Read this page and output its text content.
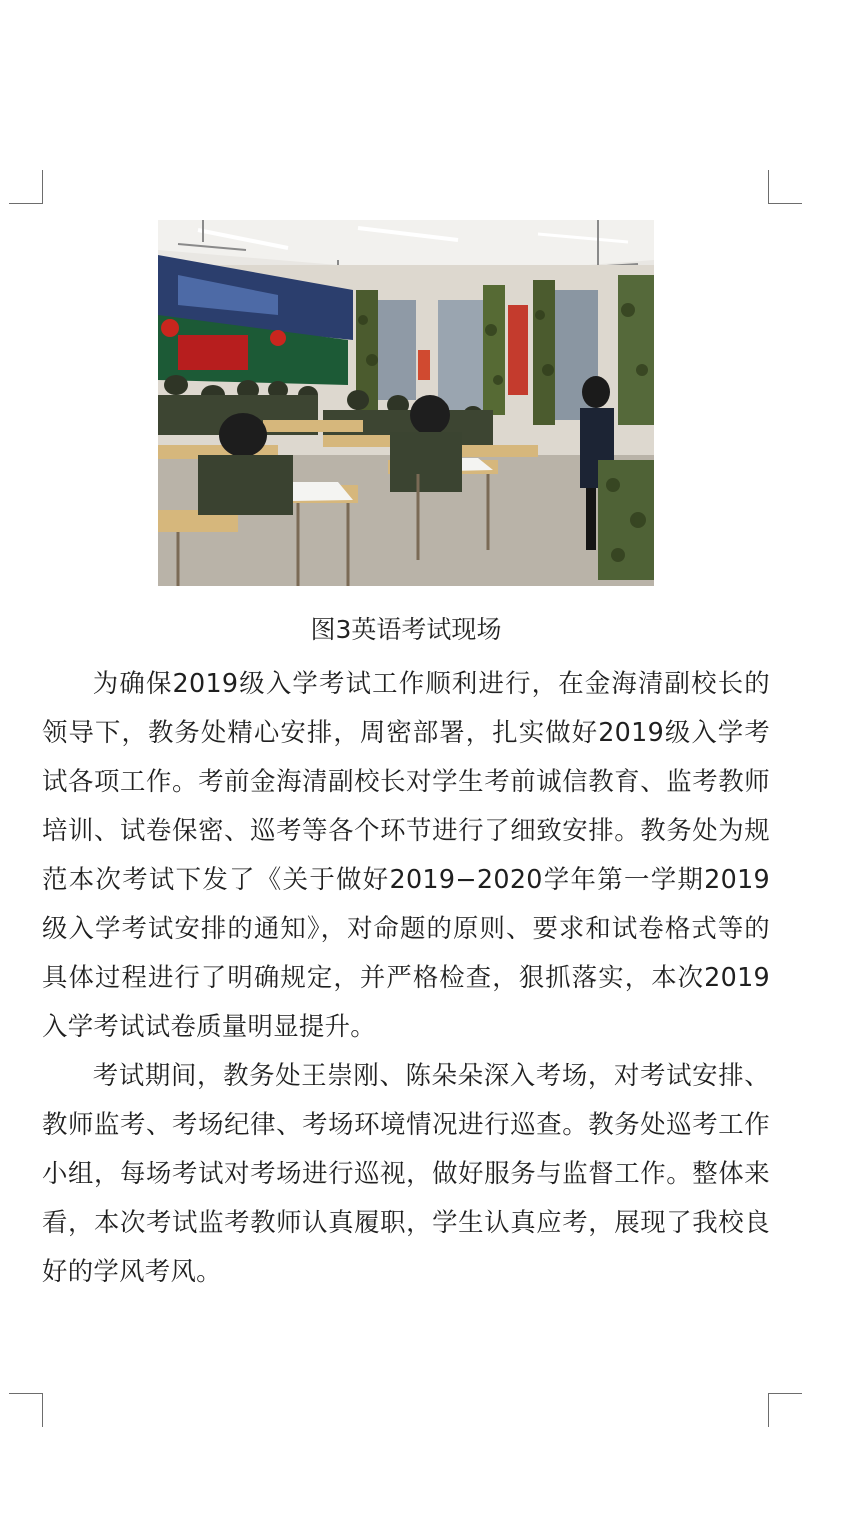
图3英语考试现场

为确保2019级入学考试工作顺利进行，在金海清副校长的领导下，教务处精心安排，周密部署，扎实做好2019级入学考试各项工作。考前金海清副校长对学生考前诚信教育、监考教师培训、试卷保密、巡考等各个环节进行了细致安排。教务处为规范本次考试下发了《关于做好2019−2020学年第一学期2019级入学考试安排的通知》，对命题的原则、要求和试卷格式等的具体过程进行了明确规定，并严格检查，狠抓落实，本次2019入学考试试卷质量明显提升。

考试期间，教务处王崇刚、陈朵朵深入考场，对考试安排、教师监考、考场纪律、考场环境情况进行巡查。教务处巡考工作小组，每场考试对考场进行巡视，做好服务与监督工作。整体来看，本次考试监考教师认真履职，学生认真应考，展现了我校良好的学风考风。
